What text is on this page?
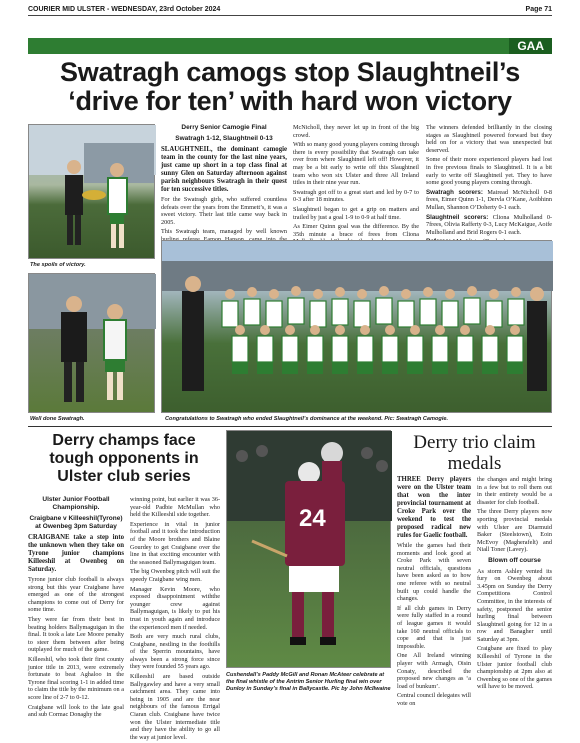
COURIER MID ULSTER - WEDNESDAY, 23rd October 2024	Page 71
GAA
Swatragh camogs stop Slaughtneil’s
‘drive for ten’ with hard won victory
The spoils of victory.
Well done Swatragh.
Derry Senior Camogie Final
Swatragh 1-12, Slaughtneil 0-13
SLAUGHTNEIL, the dominant camogie team in the county for the last nine years, just came up short in a top class final at sunny Glen on Saturday afternoon against parish neighbours Swatragh in their quest for ten successive titles.

For the Swatragh girls, who suffered countless defeats over the years from the Emmett’s, it was a sweet victory. Their last title came way back in 2005.

This Swatragh team, managed by well known

McNicholl, they never let up in front of the big crowd.

With so many good young players coming through there is every possibility that Swatragh can take over from where Slaughtneil left off! However, it may be a bit early to write off this Slaughtneil team who won six Ulster and three All Ireland titles in their nine year run.

Swatragh got off to a great start and led by 0-7 to 0-3 after 18 minutes.

Slaughtneil began to get a grip on matters and trailed by just a goal 1-9 to 0-9 at half time.

As Eimer Quinn goal was the difference. By the 35th minute a brace of frees from Cliona

The winners defended brilliantly in the closing stages as Slaughtneil powered forward but they held on for a victory that was unexpected but deserved.

Some of their more experienced players had lost in five previous finals to Slaughtneil. It is a bit early to write off Slaughtneil yet. They to have some good young players coming through.

Swatragh scorers: Mairead McNicholl 0-8 frees, Eimer Quinn 1-1, Dervla O’Kane, Aoibhinn Mullan, Shannon O’Doherty 0-1 each.

Slaughtneil scorers: Cliona Mulholland 0-7frees, Olivia Rafferty 0-3, Lucy McKaigue, Aoife Mulholland and Brid Rogers 0-1 each.

Congratulations to Swatragh who ended Slaughtneil’s dominance at the weekend. Pic: Swatragh Camogie.
Derry champs face tough opponents in Ulster club series
Ulster Junior Football Championship.
Craigbane v Killeeshil(Tyrone) at Owenbeg 3pm Saturday
CRAIGBANE take a step into the unknown when they take on Tyrone junior champions Killeeshil at Owenbeg on Saturday.

Tyrone junior club football is always strong but this year Craigbane have emerged as one of the strongest champions to come out of Derry for some time.

They were far from their best in beating holders Ballymaguigan in the final. It took a late Lee Moore penalty to steer them between after being outplayed for much of the game.

Killeeshil, who took their first county junior title in 2013, were extremely fortunate to beat Aghaloo in the Tyrone final scoring 1-1 in added time to claim the title by the minimum on a score line of 2-7 to 0-12.

Craigbane will look to the late goal and sub Cormac Donaghy the

winning point, but earlier it was 36-year-old Padbie McMullan who held the Killeeshil side together.

Experience in vital in junior football and it took the introduction of the Moore brothers and Blaine Gourdey to get Craigbane over the line in that exciting encounter with the seasoned Ballymaguigan team.

The big Owenbeg pitch will suit the speedy Craigbane wing men.

Manager Kevin Moore, who exposed disappointment withthe younger crew against Ballymaguigan, is likely to put his trust in youth again and introduce the experienced men if needed.

Both are very much rural clubs, Craigbane, nestling in the foothills of the Sperrin mountains, have always been a strong force since they were founded 55 years ago.

Killeeshil are based outside Ballygawley and have a very small catchment area. They came into being in 1905 and are the near neighbours of the famous Errigal Ciaran club. Craigbane have twice won the Ulster intermediate title and they have the ability to go all the way at junior level.

24
Cushendall’s Paddy McGill and Ronan McAteer celebrate at the final whistle of the Antrim Senior Hurling final win over Dunloy in Sunday’s final in Ballycastle. Pic by John McIlwaine
Derry trio claim medals

THREE Derry players were on the Ulster team that won the inter provincial tournament at Croke Park over the weekend to test the proposed radical new rules for Gaelic football.

While the games had their moments and look good at Croke Park with seven neutral officials, questions have been asked as to how one referee with so neutral built up could handle the changes.

If all club games in Derry were fully staffed in a round of league games it would take 160 neutral officials to cope and that is just impossible.

One All Ireland winning player with Armagh, Oisin Conaty, described the proposed new changes as ‘a load of bunkum’.

Central council delegates will vote on

the changes and might bring in a few but to roll them out in their entirety would be a disaster for club football.

The three Derry players now sporting provincial medals with Ulster are Diarmuid Baker (Steelstown), Eoin McEvoy (Magherafelt) and Niall Toner (Lavey).

Blown off course

As storm Ashley vented its fury on Owenbeg about 3.45pm on Sunday the Derry Competitions Control Committee, in the interests of safety, postponed the senior hurling final between Slaughtneil going for 12 in a row and Banagher until Saturday at 3pm.

Craigbane are fixed to play Killeeshil of Tyrone in the Ulster junior football club championship at 2pm also at Owenbeg so one of the games will have to be moved.
